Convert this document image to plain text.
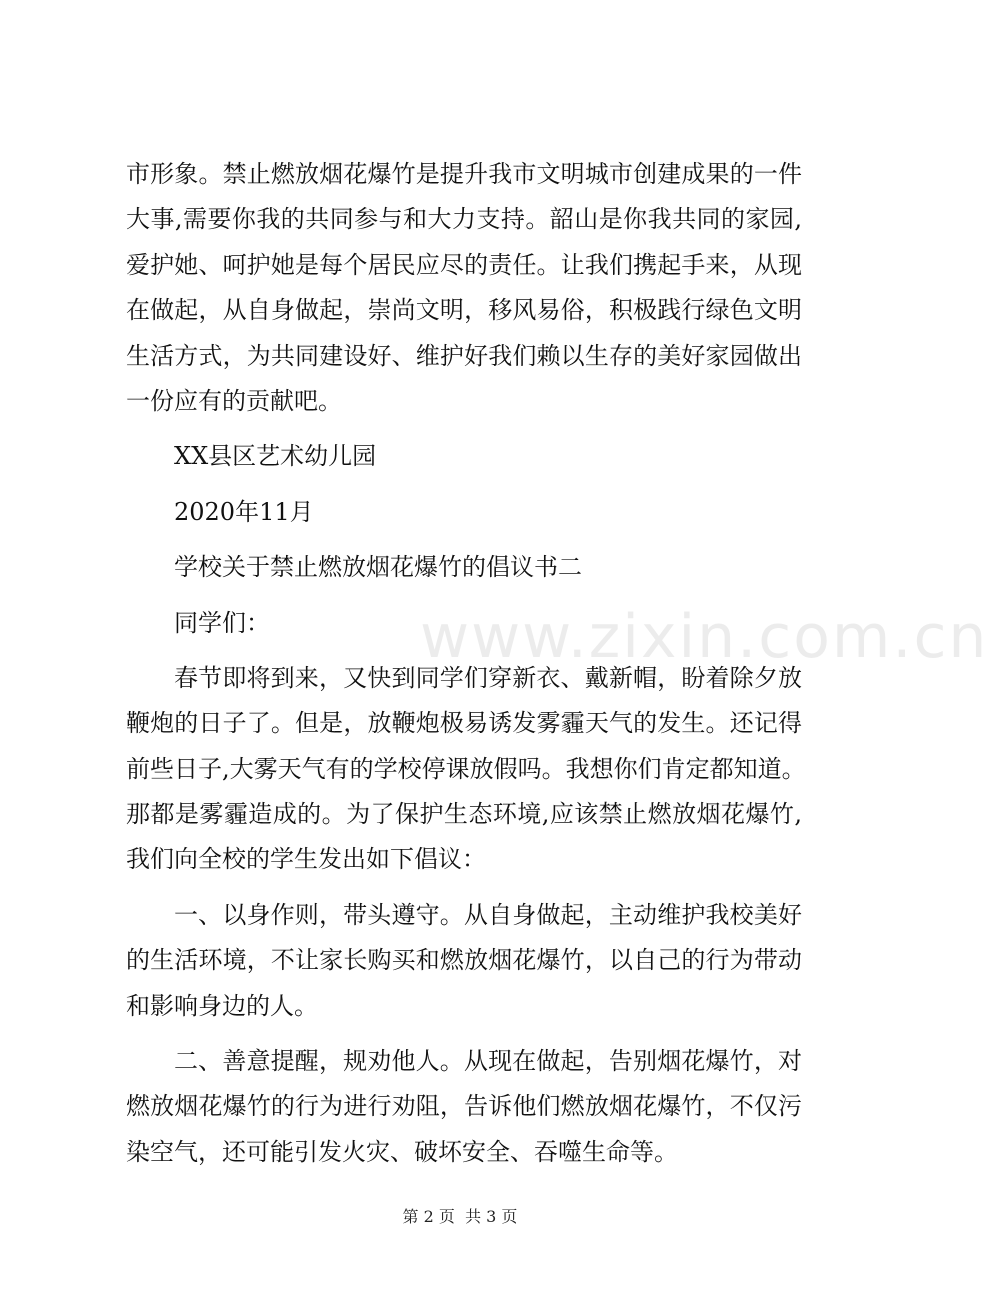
www.zixin.com.cn
市形象。禁止燃放烟花爆竹是提升我市文明城市创建成果的一件
大事,需要你我的共同参与和大力支持。韶山是你我共同的家园,
爱护她、呵护她是每个居民应尽的责任。让我们携起手来，从现
在做起，从自身做起，崇尚文明，移风易俗，积极践行绿色文明
生活方式，为共同建设好、维护好我们赖以生存的美好家园做出
一份应有的贡献吧。
XX县区艺术幼儿园
2020年11月
学校关于禁止燃放烟花爆竹的倡议书二
同学们：
春节即将到来，又快到同学们穿新衣、戴新帽，盼着除夕放
鞭炮的日子了。但是，放鞭炮极易诱发雾霾天气的发生。还记得
前些日子,大雾天气有的学校停课放假吗。我想你们肯定都知道。
那都是雾霾造成的。为了保护生态环境,应该禁止燃放烟花爆竹,
我们向全校的学生发出如下倡议：
一、以身作则，带头遵守。从自身做起，主动维护我校美好
的生活环境，不让家长购买和燃放烟花爆竹，以自己的行为带动
和影响身边的人。
二、善意提醒，规劝他人。从现在做起，告别烟花爆竹，对
燃放烟花爆竹的行为进行劝阻，告诉他们燃放烟花爆竹，不仅污
染空气，还可能引发火灾、破坏安全、吞噬生命等。
第 2 页  共 3 页
